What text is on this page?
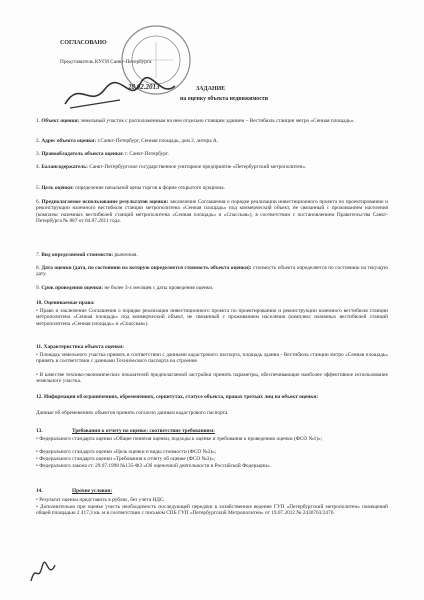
СОГЛАСОВАНО
Представитель КУГИ Санкт-Петербурга
28.02.2013	ЗАДАНИЕ
на оценку объекта недвижимости
1. Объект оценки: земельный участок с расположенным на нем отдельно стоящим зданием – Вестибюль станции метро «Сенная площадь».
2. Адрес объекта оценки: г.Санкт-Петербург, Сенная площадь, дом 2, литера А.
3. Правообладатель объекта оценки: г. Санкт-Петербург.
4. Балансодержатель: Санкт-Петербургское государственное унитарное предприятие «Петербургский метрополитен».
5. Цель оценки: определение начальной цены торгов в форме открытого аукциона.
6. Предполагаемое использование результатов оценки: заключение Соглашения о порядке реализации инвестиционного проекта по проектированию и реконструкции наземного вестибюля станции метрополитена «Сенная площадь» под коммерческий объект, не связанный с проживанием населения (комплекс наземных вестибюлей станций метрополитена «Сенная площадь» и «Спасская»), в соответствии с постановлением Правительства Санкт-Петербурга № 887 от 04.07.2011 года.
7. Вид определяемой стоимости: рыночная.
8. Дата оценки (дата, по состоянию на которую определяется стоимость объекта оценки): стоимость объекта определяется по состоянию на текущую дату.
9. Срок проведения оценки: не более 3-х месяцев с даты проведения оценки.
10. Оцениваемые права:
• Право и заключение Соглашения о порядке реализации инвестиционного проекта по проектированию и реконструкции наземного вестибюля станции метрополитена «Сенная площадь» под коммерческий объект, не связанный с проживанием населения (комплекс наземных вестибюлей станций метрополитена «Сенная площадь» и «Спасская»).
11. Характеристика объекта оценки:
• Площадь земельного участка принять в соответствии с данными кадастрового паспорта, площадь здания - Вестибюль станции метро «Сенная площадь» принять в соответствии с данными Технического паспорта на строение.
• В качестве технико-экономических показателей предполагаемой застройки принять параметры, обеспечивающие наиболее эффективное использование земельного участка.
12. Информация об ограничениях, обременениях, сервитутах, статусе объекта, правах третьих лиц на объект оценки:
Данные об обременениях объектов принять согласно данным кадастрового паспорта.
13.	Требования к отчету по оценке: соответствие требованиям:
• Федерального стандарта оценки «Общие понятия оценки, подходы к оценке и требования к проведению оценки (ФСО №1)»;
• Федерального стандарта оценки «Цель оценки и виды стоимости (ФСО №2)»;
• Федерального стандарта оценки «Требования к отчету об оценке (ФСО №3)»;
• Федерального закона ст. 29.07.1998 №135-ФЗ «Об оценочной деятельности в Российской Федерации».
14.	Прочие условия:
• Результат оценки представить в рублях, без учета НДС.
• Дополнительно при оценке учесть необходимость последующей передачи в хозяйственное ведение ГУП «Петербургский метрополитен» помещений общей площадью 2 417,3 кв. м в соответствии с письмом СПБ ГУП «Петербургский Метрополитен» от 19.07.2012 № 2430703/2476.
